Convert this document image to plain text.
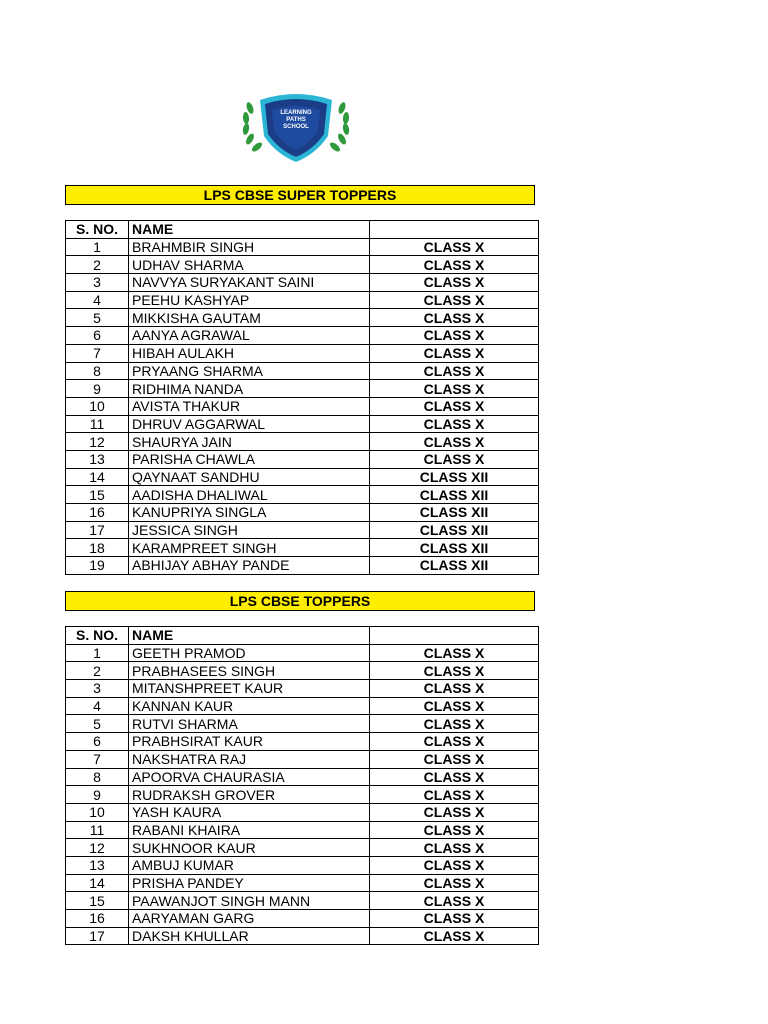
LEARNING
PATHS
SCHOOL
LPS CBSE SUPER TOPPERS
S. NO.	NAME	
1	BRAHMBIR SINGH	CLASS X
2	UDHAV SHARMA	CLASS X
3	NAVVYA SURYAKANT SAINI	CLASS X
4	PEEHU KASHYAP	CLASS X
5	MIKKISHA GAUTAM	CLASS X
6	AANYA AGRAWAL	CLASS X
7	HIBAH AULAKH	CLASS X
8	PRYAANG SHARMA	CLASS X
9	RIDHIMA NANDA	CLASS X
10	AVISTA THAKUR	CLASS X
11	DHRUV AGGARWAL	CLASS X
12	SHAURYA JAIN	CLASS X
13	PARISHA CHAWLA	CLASS X
14	QAYNAAT SANDHU	CLASS XII
15	AADISHA DHALIWAL	CLASS XII
16	KANUPRIYA SINGLA	CLASS XII
17	JESSICA SINGH	CLASS XII
18	KARAMPREET SINGH	CLASS XII
19	ABHIJAY ABHAY PANDE	CLASS XII
LPS CBSE TOPPERS
S. NO.	NAME	
1	GEETH PRAMOD	CLASS X
2	PRABHASEES SINGH	CLASS X
3	MITANSHPREET KAUR	CLASS X
4	KANNAN KAUR	CLASS X
5	RUTVI SHARMA	CLASS X
6	PRABHSIRAT KAUR	CLASS X
7	NAKSHATRA RAJ	CLASS X
8	APOORVA CHAURASIA	CLASS X
9	RUDRAKSH GROVER	CLASS X
10	YASH KAURA	CLASS X
11	RABANI KHAIRA	CLASS X
12	SUKHNOOR KAUR	CLASS X
13	AMBUJ KUMAR	CLASS X
14	PRISHA PANDEY	CLASS X
15	PAAWANJOT SINGH MANN	CLASS X
16	AARYAMAN GARG	CLASS X
17	DAKSH KHULLAR	CLASS X
